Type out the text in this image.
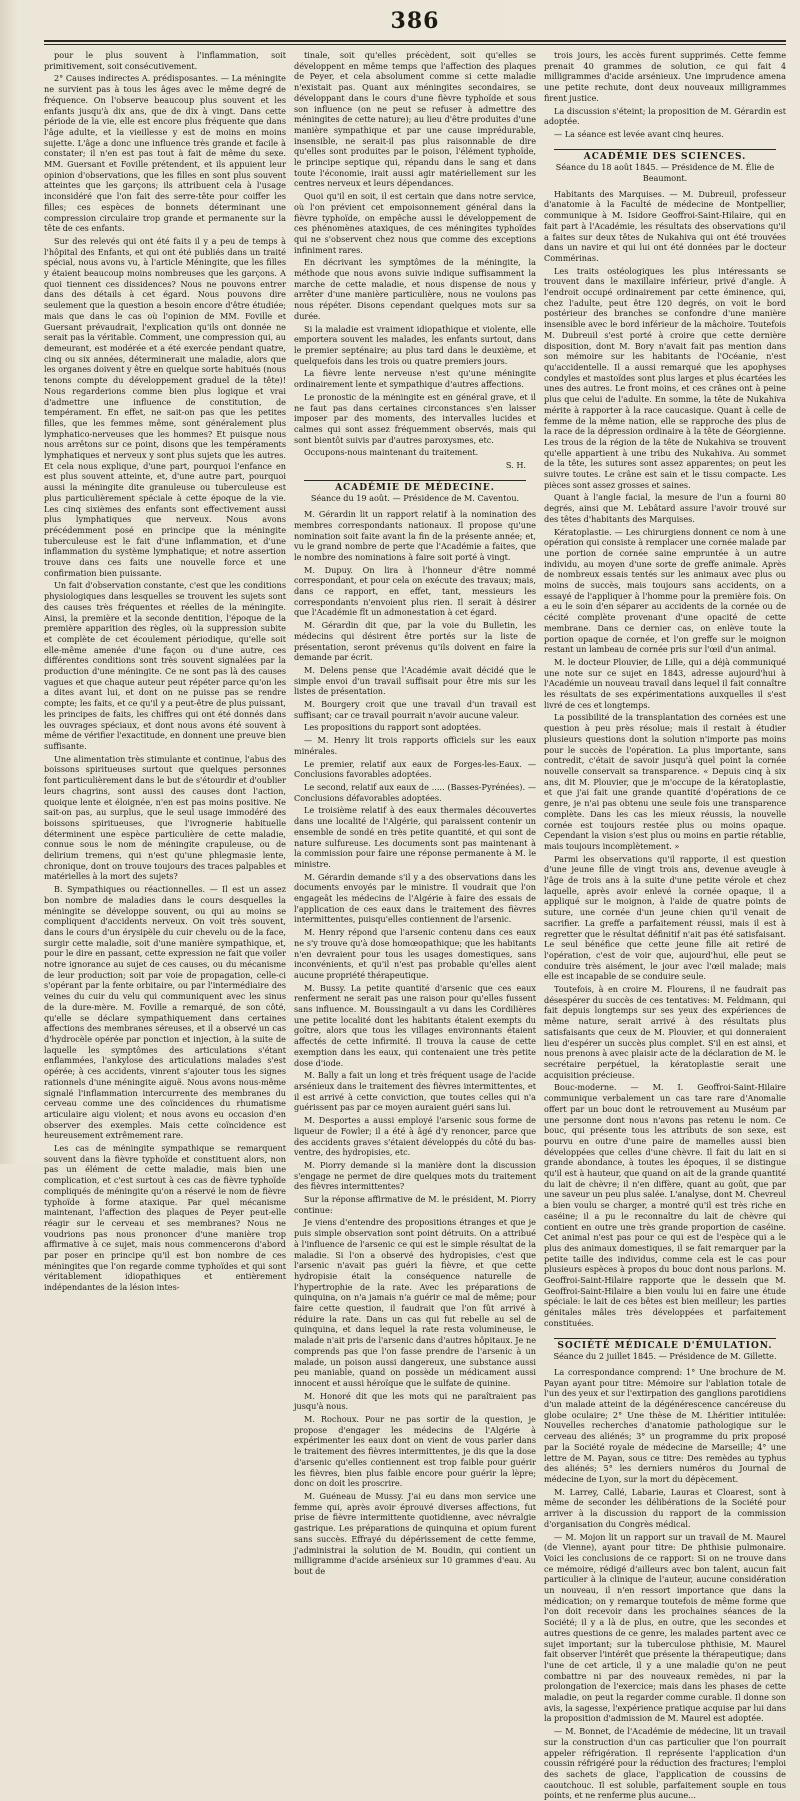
386

pour le plus souvent à l'inflammation, soit primitivement, soit consécutivement.

2° Causes indirectes A. prédisposantes. — La méningite ne survient pas à tous les âges avec le même degré de fréquence. On l'observe beaucoup plus souvent et les enfants jusqu'à dix ans, que de dix à vingt. Dans cette période de la vie, elle est encore plus fréquente que dans l'âge adulte, et la vieillesse y est de moins en moins sujette. L'âge a donc une influence très grande et facile à constater; il n'en est pas tout à fait de même du sexe. MM. Guersant et Foville prétendent, et ils appuient leur opinion d'observations, que les filles en sont plus souvent atteintes que les garçons; ils attribuent cela à l'usage inconsidéré que l'on fait des serre-tête pour coiffer les filles; ces espèces de bonnets déterminant une compression circulaire trop grande et permanente sur la tête de ces enfants.

Sur des relevés qui ont été faits il y a peu de temps à l'hôpital des Enfants, et qui ont été publiés dans un traité spécial, nous avons vu, à l'article Méningite, que les filles y étaient beaucoup moins nombreuses que les garçons. A quoi tiennent ces dissidences? Nous ne pouvons entrer dans des détails à cet égard. Nous pouvons dire seulement que la question a besoin encore d'être étudiée; mais que dans le cas où l'opinion de MM. Foville et Guersant prévaudrait, l'explication qu'ils ont donnée ne serait pas la véritable. Comment, une compression qui, au demeurant, est modérée et a été exercée pendant quatre, cinq ou six années, déterminerait une maladie, alors que les organes doivent y être en quelque sorte habitués (nous tenons compte du développement graduel de la tête)! Nous regarderions comme bien plus logique et vrai d'admettre une influence de constitution, de tempérament. En effet, ne sait-on pas que les petites filles, que les femmes même, sont généralement plus lymphatico-nerveuses que les hommes? Et puisque nous nous arrêtons sur ce point, disons que les tempéraments lymphatiques et nerveux y sont plus sujets que les autres. Et cela nous explique, d'une part, pourquoi l'enfance en est plus souvent atteinte, et, d'une autre part, pourquoi aussi la méningite dite granuleuse ou tuberculeuse est plus particulièrement spéciale à cette époque de la vie. Les cinq sixièmes des enfants sont effectivement aussi plus lymphatiques que nerveux. Nous avons précédemment posé en principe que la méningite tuberculeuse est le fait d'une inflammation, et d'une inflammation du système lymphatique; et notre assertion trouve dans ces faits une nouvelle force et une confirmation bien puissante.

Un fait d'observation constante, c'est que les conditions physiologiques dans lesquelles se trouvent les sujets sont des causes très fréquentes et réelles de la méningite. Ainsi, la première et la seconde dentition, l'époque de la première apparition des règles, où la suppression subite et complète de cet écoulement périodique, qu'elle soit elle-même amenée d'une façon ou d'une autre, ces différentes conditions sont très souvent signalées par la production d'une méningite. Ce ne sont pas là des causes vagues et que chaque auteur peut répéter parce qu'on les a dites avant lui, et dont on ne puisse pas se rendre compte; les faits, et ce qu'il y a peut-être de plus puissant, les principes de faits, les chiffres qui ont été donnés dans les ouvrages spéciaux, et dont nous avons été souvent à même de vérifier l'exactitude, en donnent une preuve bien suffisante.

Une alimentation très stimulante et continue, l'abus des boissons spiritueuses surtout que quelques personnes font particulièrement dans le but de s'étourdir et d'oublier leurs chagrins, sont aussi des causes dont l'action, quoique lente et éloignée, n'en est pas moins positive. Ne sait-on pas, au surplus, que le seul usage immodéré des boissons spiritueuses, que l'ivrognerie habituelle déterminent une espèce particulière de cette maladie, connue sous le nom de méningite crapuleuse, ou de delirium tremens, qui n'est qu'une phlegmasie lente, chronique, dont on trouve toujours des traces palpables et matérielles à la mort des sujets?

B. Sympathiques ou réactionnelles. — Il est un assez bon nombre de maladies dans le cours desquelles la méningite se développe souvent, ou qui au moins se compliquent d'accidents nerveux. On voit très souvent, dans le cours d'un érysipèle du cuir chevelu ou de la face, surgir cette maladie, soit d'une manière sympathique, et, pour le dire en passant, cette expression ne fait que voiler notre ignorance au sujet de ces causes, ou du mécanisme de leur production; soit par voie de propagation, celle-ci s'opérant par la fente orbitaire, ou par l'intermédiaire des veines du cuir du velu qui communiquent avec les sinus de la dure-mère. M. Foville a remarqué, de son côté, qu'elle se déclare sympathiquement dans certaines affections des membranes séreuses, et il a observé un cas d'hydrocèle opérée par ponction et injection, à la suite de laquelle les symptômes des articulations s'étant enflammées, l'ankylose des articulations malades s'est opérée; à ces accidents, vinrent s'ajouter tous les signes rationnels d'une méningite aiguë. Nous avons nous-même signalé l'inflammation intercurrente des membranes du cerveau comme une des coïncidences du rhumatisme articulaire aigu violent; et nous avons eu occasion d'en observer des exemples. Mais cette coïncidence est heureusement extrêmement rare.

Les cas de méningite sympathique se remarquent souvent dans la fièvre typhoïde et constituent alors, non pas un élément de cette maladie, mais bien une complication, et c'est surtout à ces cas de fièvre typhoïde compliqués de méningite qu'on a réservé le nom de fièvre typhoïde à forme ataxique. Par quel mécanisme maintenant, l'affection des plaques de Peyer peut-elle réagir sur le cerveau et ses membranes? Nous ne voudrions pas nous prononcer d'une manière trop affirmative à ce sujet, mais nous commencerons d'abord par poser en principe qu'il est bon nombre de ces méningites que l'on regarde comme typhoïdes et qui sont véritablement idiopathiques et entièrement indépendantes de la lésion intes-

tinale, soit qu'elles précèdent, soit qu'elles se développent en même temps que l'affection des plaques de Peyer, et cela absolument comme si cette maladie n'existait pas. Quant aux méningites secondaires, se développant dans le cours d'une fièvre typhoïde et sous son influence (on ne peut se refuser à admettre des méningites de cette nature); au lieu d'être produites d'une manière sympathique et par une cause imprédurable, insensible, ne serait-il pas plus raisonnable de dire qu'elles sont produites par le poison, l'élément typhoïde, le principe septique qui, répandu dans le sang et dans toute l'économie, irait aussi agir matériellement sur les centres nerveux et leurs dépendances.

Quoi qu'il en soit, il est certain que dans notre service, où l'on prévient cet empoisonnement général dans la fièvre typhoïde, on empêche aussi le développement de ces phénomènes ataxiques, de ces méningites typhoïdes qui ne s'observent chez nous que comme des exceptions infiniment rares.

En décrivant les symptômes de la méningite, la méthode que nous avons suivie indique suffisamment la marche de cette maladie, et nous dispense de nous y arrêter d'une manière particulière, nous ne voulons pas nous répéter. Disons cependant quelques mots sur sa durée.

Si la maladie est vraiment idiopathique et violente, elle emportera souvent les malades, les enfants surtout, dans le premier septénaire; au plus tard dans le deuxième, et quelquefois dans les trois ou quatre premiers jours.

La fièvre lente nerveuse n'est qu'une méningite ordinairement lente et sympathique d'autres affections.

Le pronostic de la méningite est en général grave, et il ne faut pas dans certaines circonstances s'en laisser imposer par des moments, des intervalles lucides et calmes qui sont assez fréquemment observés, mais qui sont bientôt suivis par d'autres paroxysmes, etc.

Occupons-nous maintenant du traitement.

S. H.

ACADÉMIE DE MÉDECINE.
Séance du 19 août. — Présidence de M. Caventou.

M. Gérardin lit un rapport relatif à la nomination des membres correspondants nationaux. Il propose qu'une nomination soit faite avant la fin de la présente année; et, vu le grand nombre de perte que l'Académie a faites, que le nombre des nominations à faire soit porté à vingt.

M. Dupuy. On lira à l'honneur d'être nommé correspondant, et pour cela on exécute des travaux; mais, dans ce rapport, en effet, tant, messieurs les correspondants n'envoient plus rien. Il serait à désirer que l'Académie fît un admonestation à cet égard.

M. Gérardin dit que, par la voie du Bulletin, les médecins qui désirent être portés sur la liste de présentation, seront prévenus qu'ils doivent en faire la demande par écrit.

M. Delens pense que l'Académie avait décidé que le simple envoi d'un travail suffisait pour être mis sur les listes de présentation.

M. Bourgery croit que une travail d'un travail est suffisant; car ce travail pourrait n'avoir aucune valeur.

Les propositions du rapport sont adoptées.

— M. Henry lit trois rapports officiels sur les eaux minérales.

Le premier, relatif aux eaux de Forges-les-Eaux. — Conclusions favorables adoptées.

Le second, relatif aux eaux de ..... (Basses-Pyrénées). — Conclusions défavorables adoptées.

Le troisième relatif à des eaux thermales découvertes dans une localité de l'Algérie, qui paraissent contenir un ensemble de sondé en très petite quantité, et qui sont de nature sulfureuse. Les documents sont pas maintenant à la commission pour faire une réponse permanente à M. le ministre.

M. Gérardin demande s'il y a des observations dans les documents envoyés par le ministre. Il voudrait que l'on engageât les médecins de l'Algérie à faire des essais de l'application de ces eaux dans le traitement des fièvres intermittentes, puisqu'elles contiennent de l'arsenic.

M. Henry répond que l'arsenic contenu dans ces eaux ne s'y trouve qu'à dose homœopathique; que les habitants n'en devraient pour tous les usages domestiques, sans inconvénients, et qu'il n'est pas probable qu'elles aient aucune propriété thérapeutique.

M. Bussy. La petite quantité d'arsenic que ces eaux renferment ne serait pas une raison pour qu'elles fussent sans influence. M. Boussingault a vu dans les Cordilières une petite localité dont les habitants étaient exempts du goître, alors que tous les villages environnants étaient affectés de cette infirmité. Il trouva la cause de cette exemption dans les eaux, qui contenaient une très petite dose d'iode.

M. Bally a fait un long et très fréquent usage de l'acide arsénieux dans le traitement des fièvres intermittentes, et il est arrivé à cette conviction, que toutes celles qui n'a guérissent pas par ce moyen auraient guéri sans lui.

M. Desportes a aussi employé l'arsenic sous forme de liqueur de Fowler; il a été à âgé d'y renoncer, parce que des accidents graves s'étaient développés du côté du bas-ventre, des hydropisies, etc.

M. Piorry demande si la manière dont la discussion s'engage ne permet de dire quelques mots du traitement des fièvres intermittentes?

Sur la réponse affirmative de M. le président, M. Piorry continue:

Je viens d'entendre des propositions étranges et que je puis simple observation sont point détruits. On a attribué à l'influence de l'arsenic ce qui est le simple résultat de la maladie. Si l'on a observé des hydropisies, c'est que l'arsenic n'avait pas guéri la fièvre, et que cette hydropisie était la conséquence naturelle de l'hypertrophie de la rate. Avec les préparations de quinquina, on n'a jamais n'a guérir ce mal de même; pour faire cette question, il faudrait que l'on fût arrivé à réduire la rate. Dans un cas qui fut rebelle au sel de quinquina, et dans lequel la rate resta volumineuse, le malade n'ait pris de l'arsenic dans d'autres hôpitaux. Je ne comprends pas que l'on fasse prendre de l'arsenic à un malade, un poison aussi dangereux, une substance aussi peu maniable, quand on possède un médicament aussi innocent et aussi héroïque que le sulfate de quinine.

M. Honoré dit que les mots qui ne paraîtraient pas jusqu'à nous.

M. Rochoux. Pour ne pas sortir de la question, je propose d'engager les médecins de l'Algérie à expérimenter les eaux dont on vient de vous parler dans le traitement des fièvres intermittentes, je dis que la dose d'arsenic qu'elles contiennent est trop faible pour guérir les fièvres, bien plus faible encore pour guérir la lèpre; donc on doit les proscrire.

M. Guéneau de Mussy. J'ai eu dans mon service une femme qui, après avoir éprouvé diverses affections, fut prise de fièvre intermittente quotidienne, avec névralgie gastrique. Les préparations de quinquina et opium furent sans succès. Effrayé du dépérissement de cette femme, j'administrai la solution de M. Boudin, qui contient un milligramme d'acide arsénieux sur 10 grammes d'eau. Au bout de

trois jours, les accès furent supprimés. Cette femme prenait 40 grammes de solution, ce qui fait 4 milligrammes d'acide arsénieux. Une imprudence amena une petite rechute, dont deux nouveaux milligrammes firent justice.

La discussion s'éteint; la proposition de M. Gérardin est adoptée.

— La séance est levée avant cinq heures.

ACADÉMIE DES SCIENCES.
Séance du 18 août 1845. — Présidence de M. Élie de Beaumont.

Habitants des Marquises. — M. Dubreuil, professeur d'anatomie à la Faculté de médecine de Montpellier, communique à M. Isidore Geoffroi-Saint-Hilaire, qui en fait part à l'Académie, les résultats des observations qu'il a faites sur deux têtes de Nukahiva qui ont été trouvées dans un navire et qui lui ont été données par le docteur Commérinas.

Les traits ostéologiques les plus intéressants se trouvent dans le maxillaire inférieur, privé d'angle. À l'endroit occupé ordinairement par cette éminence, qui, chez l'adulte, peut être 120 degrés, on voit le bord postérieur des branches se confondre d'une manière insensible avec le bord inférieur de la mâchoire. Toutefois M. Dubreuil s'est porté à croire que cette dernière disposition, dont M. Bory n'avait fait pas mention dans son mémoire sur les habitants de l'Océanie, n'est qu'accidentelle. Il a aussi remarqué que les apophyses condyles et mastoïdes sont plus larges et plus écartées les unes des autres. Le front moins, et ces crânes ont à peine plus que celui de l'adulte. En somme, la tête de Nukahiva mérite à rapporter à la race caucasique. Quant à celle de femme de la même nation, elle se rapproche des plus de la race de la dépression ordinaire à la tête de Géorgienne. Les trous de la région de la tête de Nukahiva se trouvent qu'elle appartient à une tribu des Nukahiva. Au sommet de la tête, les sutures sont assez apparentes; on peut les suivre toutes. Le crâne est sain et le tissu compacte. Les pièces sont assez grosses et saines.

Quant à l'angle facial, la mesure de l'un a fourni 80 degrés, ainsi que M. Lebâtard assure l'avoir trouvé sur des têtes d'habitants des Marquises.

Kératoplastie. — Les chirurgiens donnent ce nom à une opération qui consiste à remplacer une cornée malade par une portion de cornée saine empruntée à un autre individu, au moyen d'une sorte de greffe animale. Après de nombreux essais tentés sur les animaux avec plus ou moins de succès, mais toujours sans accidents, on a essayé de l'appliquer à l'homme pour la première fois. On a eu le soin d'en séparer au accidents de la cornée ou de cécité complète provenant d'une opacité de cette membrane. Dans ce dernier cas, on enlève toute la portion opaque de cornée, et l'on greffe sur le moignon restant un lambeau de cornée pris sur l'œil d'un animal.

M. le docteur Plouvier, de Lille, qui a déjà communiqué une note sur ce sujet en 1843, adresse aujourd'hui à l'Académie un nouveau travail dans lequel il fait connaître les résultats de ses expérimentations auxquelles il s'est livré de ces et longtemps.

La possibilité de la transplantation des cornées est une question à peu près résolue; mais il restait à étudier plusieurs questions dont la solution n'importe pas moins pour le succès de l'opération. La plus importante, sans contredit, c'était de savoir jusqu'à quel point la cornée nouvelle conservait sa transparence. « Depuis cinq à six ans, dit M. Plouvier, que je m'occupe de la kératoplastie, et que j'ai fait une grande quantité d'opérations de ce genre, je n'ai pas obtenu une seule fois une transparence complète. Dans les cas les mieux réussis, la nouvelle cornée est toujours restée plus ou moins opaque. Cependant la vision s'est plus ou moins en partie rétablie, mais toujours incomplètement. »

Parmi les observations qu'il rapporte, il est question d'une jeune fille de vingt trois ans, devenue aveugle à l'âge de trois ans à la suite d'une petite vérole et chez laquelle, après avoir enlevé la cornée opaque, il a appliqué sur le moignon, à l'aide de quatre points de suture, une cornée d'un jeune chien qu'il venait de sacrifier. La greffe a parfaitement réussi, mais il est à regretter que le résultat définitif n'ait pas été satisfaisant. Le seul bénéfice que cette jeune fille ait retiré de l'opération, c'est de voir que, aujourd'hui, elle peut se conduire très aisément, le jour avec l'œil malade; mais elle est incapable de se conduire seule.

Toutefois, à en croire M. Flourens, il ne faudrait pas désespérer du succès de ces tentatives: M. Feldmann, qui fait depuis longtemps sur ses yeux des expériences de même nature, serait arrivé à des résultats plus satisfaisants que ceux de M. Plouvier, et qui donneraient lieu d'espérer un succès plus complet. S'il en est ainsi, et nous prenons à avec plaisir acte de la déclaration de M. le secrétaire perpétuel, la kératoplastie serait une acquisition précieuse.

Bouc-moderne. — M. I. Geoffroi-Saint-Hilaire communique verbalement un cas tare rare d'Anomalie offert par un bouc dont le retrouvement au Muséum par une personne dont nous n'avons pas retenu le nom. Ce bouc, qui présente tous les attributs de son sexe, est pourvu en outre d'une paire de mamelles aussi bien développées que celles d'une chèvre. Il fait du lait en si grande abondance, à toutes les époques, il se distingue qu'il est à hauteur, que quand on ait de la grande quantité du lait de chèvre; il n'en diffère, quant au goût, que par une saveur un peu plus salée. L'analyse, dont M. Chevreul a bien voulu se charger, a montré qu'il est très riche en caséine; il a pu le reconnaître du lait de chèvre qui contient en outre une très grande proportion de caséine. Cet animal n'est pas pour ce qui est de l'espèce qui a le plus des animaux domestiques, il se fait remarquer par la petite taille des individus, comme cela est le cas pour plusieurs espèces à propos du bouc dont nous parlons. M. Geoffroi-Saint-Hilaire rapporte que le dessein que M. Geoffroi-Saint-Hilaire a bien voulu lui en faire une étude spéciale: le lait de ces bêtes est bien meilleur; les parties génitales mâles très développées et parfaitement constituées.

SOCIÉTÉ MÉDICALE D'ÉMULATION.
Séance du 2 juillet 1845. — Présidence de M. Gillette.

La correspondance comprend: 1° Une brochure de M. Payan ayant pour titre: Mémoire sur l'ablation totale de l'un des yeux et sur l'extirpation des ganglions parotidiens d'un malade atteint de la dégénérescence cancéreuse du globe oculaire; 2° Une thèse de M. Lhéritier intitulée: Nouvelles recherches d'anatomie pathologique sur le cerveau des aliénés; 3° un programme du prix proposé par la Société royale de médecine de Marseille; 4° une lettre de M. Payan, sous ce titre: Des remèdes au typhus des aliénés; 5° les derniers numéros du Journal de médecine de Lyon, sur la mort du dépècement.

M. Larrey, Callé, Labarie, Lauras et Cloarest, sont à même de seconder les délibérations de la Société pour arriver à la discussion du rapport de la commission d'organisation du Congrès médical.

— M. Mojon lit un rapport sur un travail de M. Maurel (de Vienne), ayant pour titre: De phthisie pulmonaire. Voici les conclusions de ce rapport: Si on ne trouve dans ce mémoire, rédigé d'ailleurs avec bon talent, aucun fait particulier à la clinique de l'auteur, aucune considération un nouveau, il n'en ressort importance que dans la médication; on y remarque toutefois de même forme que l'on doit recevoir dans les prochaines séances de la Société; il y a là de plus, en outre, que les secondes et autres questions de ce genre, les malades partent avec ce sujet important; sur la tuberculose phthisie, M. Maurel fait observer l'intérêt que présente la thérapeutique; dans l'une de cet article, il y a une maladie qu'on ne peut combattre ni par des nouveaux remèdes, ni par la prolongation de l'exercice; mais dans les phases de cette maladie, on peut la regarder comme curable. Il donne son avis, la sagesse, l'expérience pratique acquise par lui dans la proposition d'admission de M. Maurel est adoptée.

— M. Bonnet, de l'Académie de médecine, lit un travail sur la construction d'un cas particulier que l'on pourrait appeler réfrigération. Il représente l'application d'un coussin réfrigéré pour la réduction des fractures; l'emploi des sachets de glace, l'application de coussins de caoutchouc. Il est soluble, parfaitement souple en tous points, et ne renferme plus aucune...
